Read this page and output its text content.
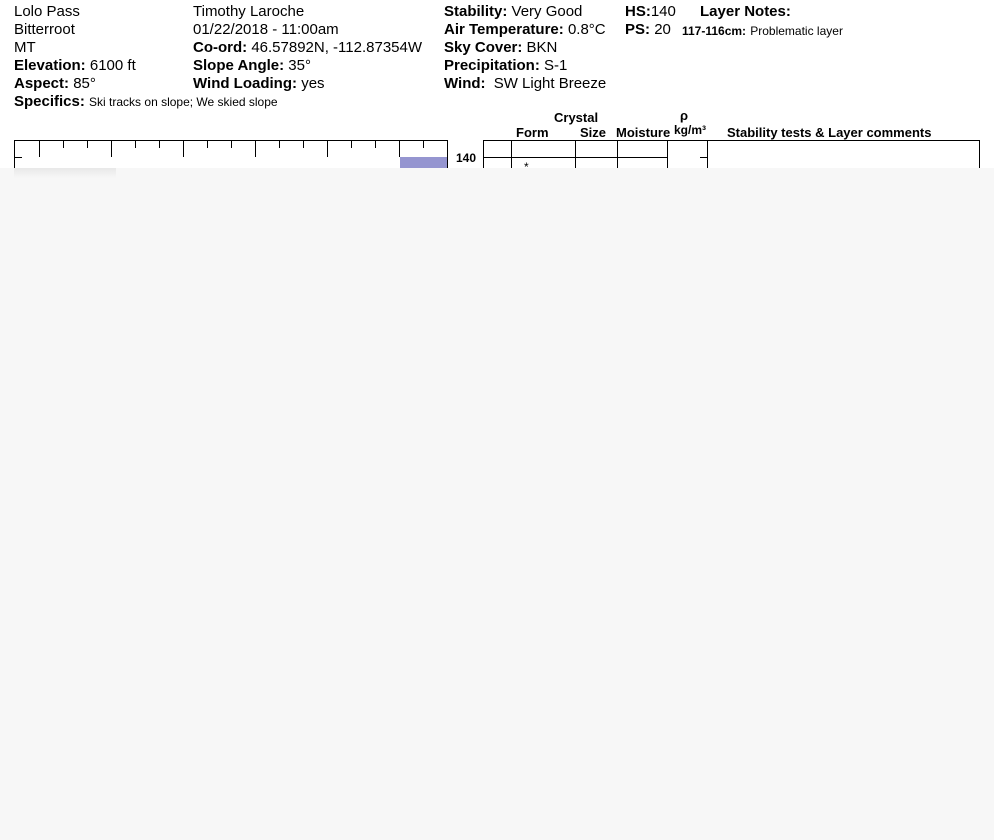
Lolo Pass
Bitterroot
MT
Elevation: 6100 ft
Aspect: 85°
Specifics: Ski tracks on slope; We skied slope
Timothy Laroche
01/22/2018 - 11:00am
Co-ord: 46.57892N, -112.87354W
Slope Angle: 35°
Wind Loading: yes
Stability: Very Good
Air Temperature: 0.8°C
Sky Cover: BKN
Precipitation: S-1
Wind: SW Light Breeze
HS:140
PS: 20
Layer Notes:
117-116cm: Problematic layer
Crystal
Form Size Moisture
ρ
kg/m³ Stability tests & Layer comments
140
*
